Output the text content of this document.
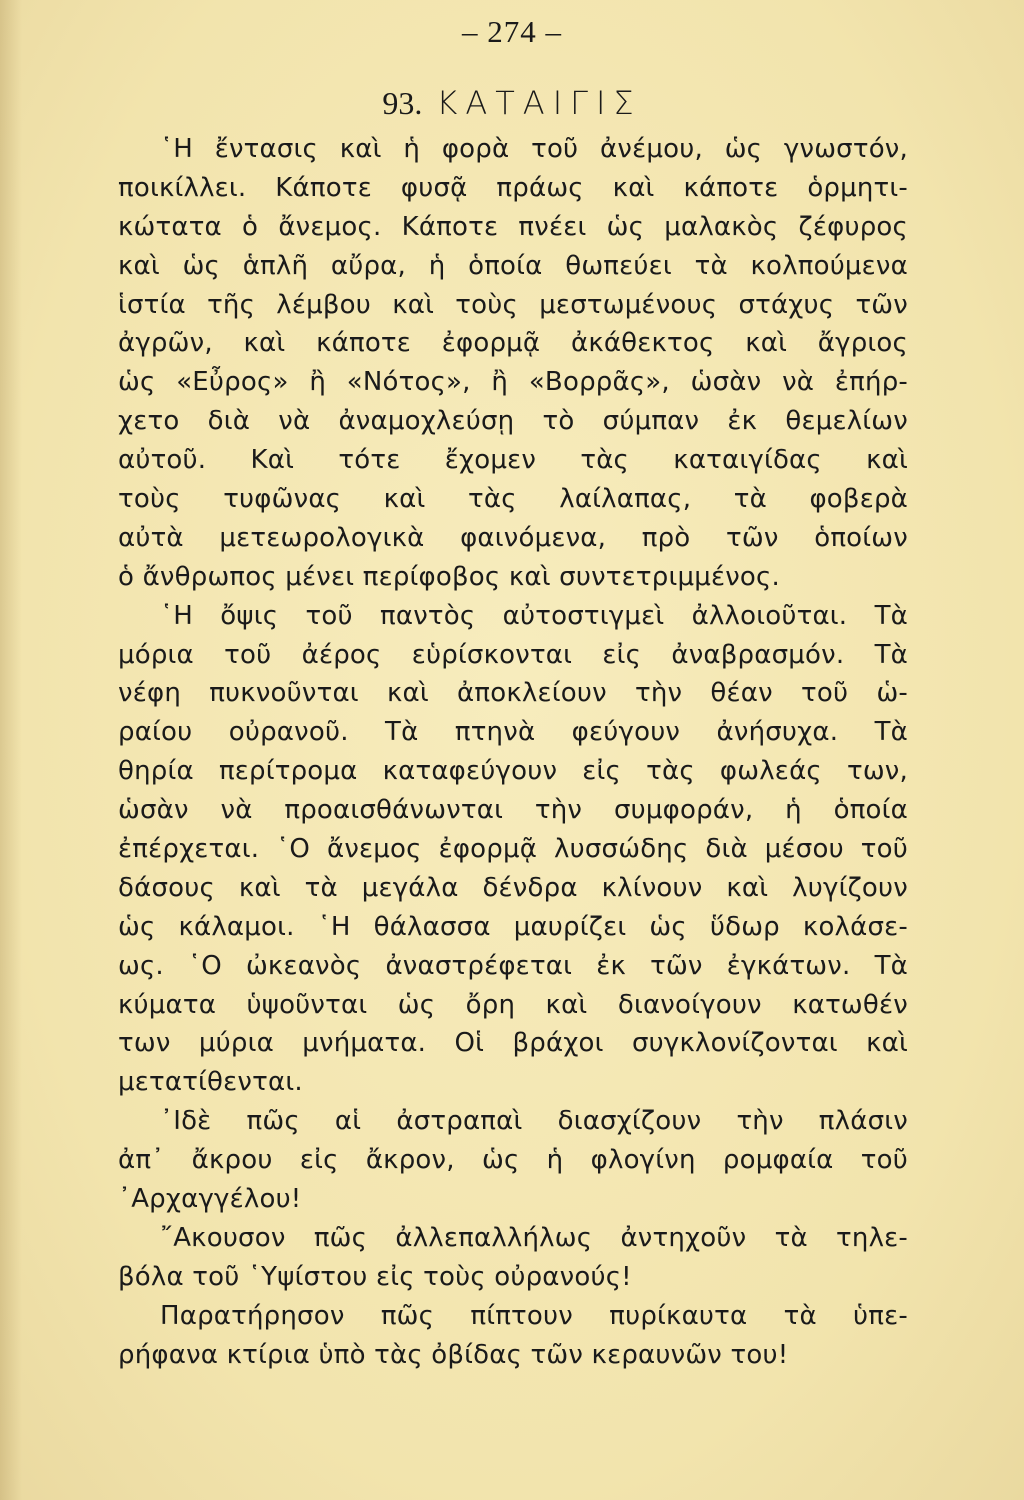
– 274 –
93. ΚΑΤΑΙΓΙΣ
῾Η ἔντασις καὶ ἡ φορὰ τοῦ ἀνέμου, ὡς γνωστόν,
ποικίλλει. Κάποτε φυσᾷ πράως καὶ κάποτε ὁρμητι-
κώτατα ὁ ἄνεμος. Κάποτε πνέει ὡς μαλακὸς ζέφυρος
καὶ ὡς ἁπλῆ αὔρα, ἡ ὁποία θωπεύει τὰ κολπούμενα
ἱστία τῆς λέμβου καὶ τοὺς μεστωμένους στάχυς τῶν
ἀγρῶν, καὶ κάποτε ἐφορμᾷ ἀκάθεκτος καὶ ἄγριος
ὡς «Εὖρος» ἢ «Νότος», ἢ «Βορρᾶς», ὡσὰν νὰ ἐπήρ-
χετο διὰ νὰ ἀναμοχλεύσῃ τὸ σύμπαν ἐκ θεμελίων
αὐτοῦ. Καὶ τότε ἔχομεν τὰς καταιγίδας καὶ
τοὺς τυφῶνας καὶ τὰς λαίλαπας, τὰ φοβερὰ
αὐτὰ μετεωρολογικὰ φαινόμενα, πρὸ τῶν ὁποίων
ὁ ἄνθρωπος μένει περίφοβος καὶ συντετριμμένος.
῾Η ὄψις τοῦ παντὸς αὐτοστιγμεὶ ἀλλοιοῦται. Τὰ
μόρια τοῦ ἀέρος εὑρίσκονται εἰς ἀναβρασμόν. Τὰ
νέφη πυκνοῦνται καὶ ἀποκλείουν τὴν θέαν τοῦ ὡ-
ραίου οὐρανοῦ. Τὰ πτηνὰ φεύγουν ἀνήσυχα. Τὰ
θηρία περίτρομα καταφεύγουν εἰς τὰς φωλεάς των,
ὡσὰν νὰ προαισθάνωνται τὴν συμφοράν, ἡ ὁποία
ἐπέρχεται. ῾Ο ἄνεμος ἐφορμᾷ λυσσώδης διὰ μέσου τοῦ
δάσους καὶ τὰ μεγάλα δένδρα κλίνουν καὶ λυγίζουν
ὡς κάλαμοι. ῾Η θάλασσα μαυρίζει ὡς ὕδωρ κολάσε-
ως. ῾Ο ὠκεανὸς ἀναστρέφεται ἐκ τῶν ἐγκάτων. Τὰ
κύματα ὑψοῦνται ὡς ὄρη καὶ διανοίγουν κατωθέν
των μύρια μνήματα. Οἱ βράχοι συγκλονίζονται καὶ
μετατίθενται.
᾿Ιδὲ πῶς αἱ ἀστραπαὶ διασχίζουν τὴν πλάσιν
ἀπ᾿ ἄκρου εἰς ἄκρον, ὡς ἡ φλογίνη ρομφαία τοῦ
᾿Αρχαγγέλου!
῎Ακουσον πῶς ἀλλεπαλλήλως ἀντηχοῦν τὰ τηλε-
βόλα τοῦ ῾Υψίστου εἰς τοὺς οὐρανούς!
Παρατήρησον πῶς πίπτουν πυρίκαυτα τὰ ὑπε-
ρήφανα κτίρια ὑπὸ τὰς ὀβίδας τῶν κεραυνῶν του!
